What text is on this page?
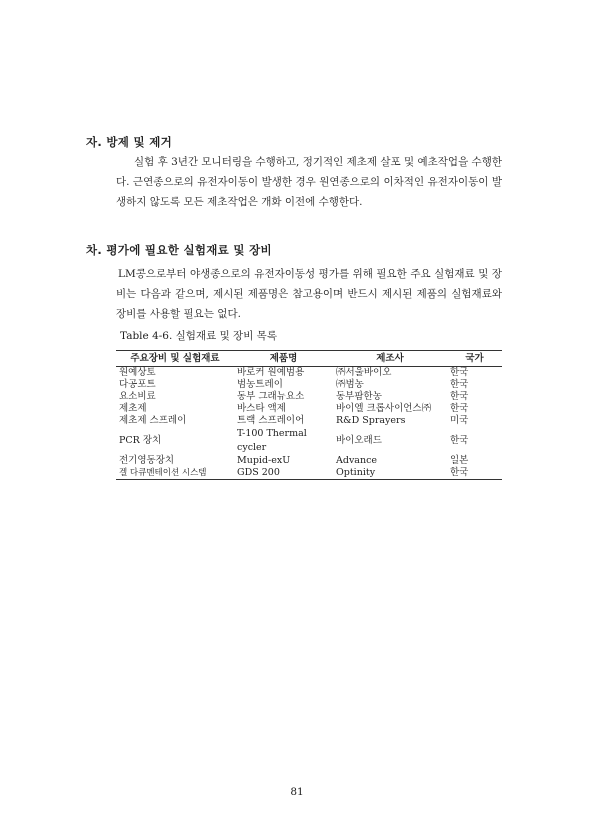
자. 방제 및 제거

실험 후 3년간 모니터링을 수행하고, 정기적인 제초제 살포 및 예초작업을 수행한다. 근연종으로의 유전자이동이 발생한 경우 원연종으로의 이차적인 유전자이동이 발생하지 않도록 모든 제초작업은 개화 이전에 수행한다.

차. 평가에 필요한 실험재료 및 장비

LM콩으로부터 야생종으로의 유전자이동성 평가를 위해 필요한 주요 실험재료 및 장비는 다음과 같으며, 제시된 제품명은 참고용이며 반드시 제시된 제품의 실험재료와 장비를 사용할 필요는 없다.

Table 4-6. 실험재료 및 장비 목록

주요장비 및 실험재료	제품명	제조사	국가
원예상토	바로커 원예범용	㈜서울바이오	한국
다공포트	범농트레이	㈜범농	한국
요소비료	동부 그래뉴요소	동부팜한농	한국
제초제	바스타 액제	바이엘 크롭사이언스㈜	한국
제초제 스프레이	트랙 스프레이어	R&D Sprayers	미국
PCR 장치	T-100 Thermal cycler	바이오래드	한국
전기영동장치	Mupid-exU	Advance	일본
겔 다큐멘테이션 시스템	GDS 200	Optinity	한국

81
